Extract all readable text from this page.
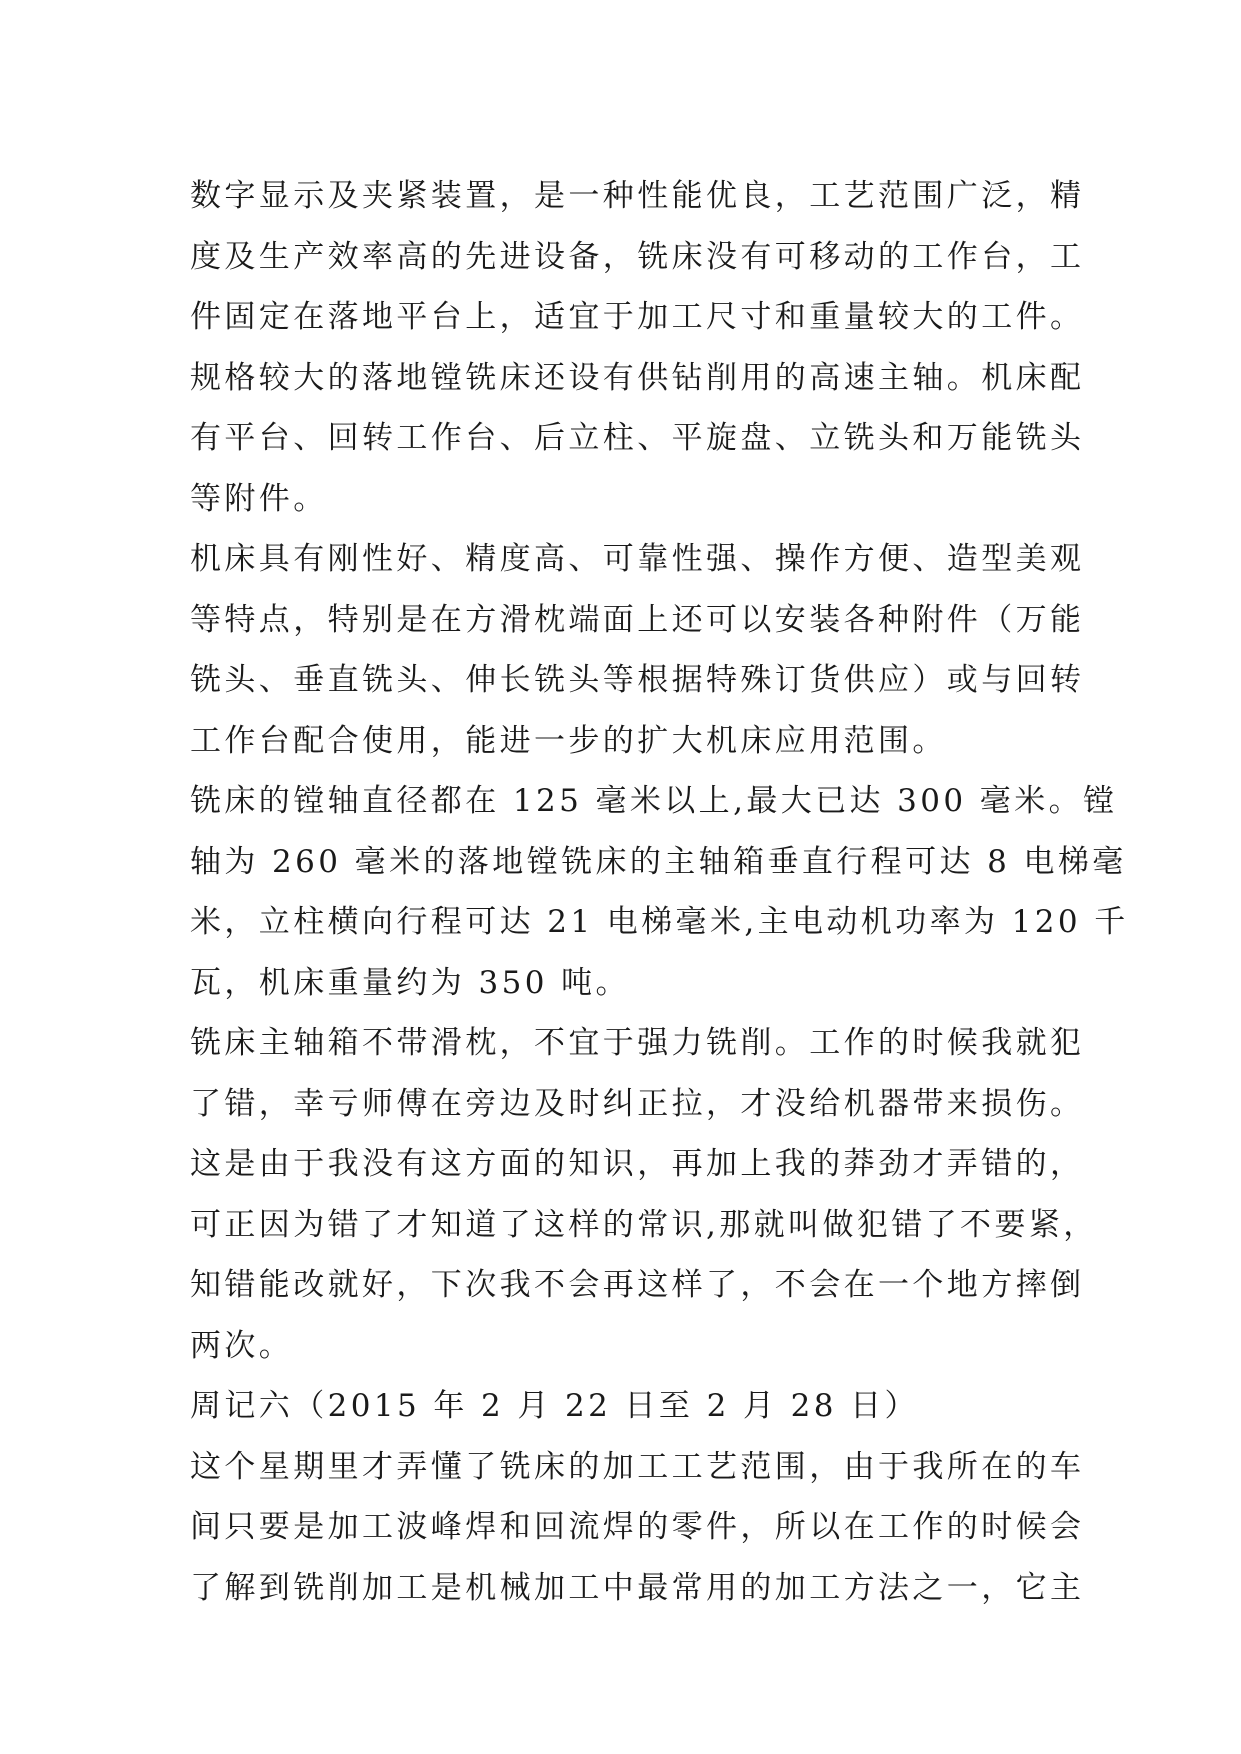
数字显示及夹紧装置，是一种性能优良，工艺范围广泛，精
度及生产效率高的先进设备，铣床没有可移动的工作台，工
件固定在落地平台上，适宜于加工尺寸和重量较大的工件。
规格较大的落地镗铣床还设有供钻削用的高速主轴。机床配
有平台、回转工作台、后立柱、平旋盘、立铣头和万能铣头
等附件。
机床具有刚性好、精度高、可靠性强、操作方便、造型美观
等特点，特别是在方滑枕端面上还可以安装各种附件（万能
铣头、垂直铣头、伸长铣头等根据特殊订货供应）或与回转
工作台配合使用，能进一步的扩大机床应用范围。
铣床的镗轴直径都在 125 毫米以上,最大已达 300 毫米。镗
轴为 260 毫米的落地镗铣床的主轴箱垂直行程可达 8 电梯毫
米，立柱横向行程可达 21 电梯毫米,主电动机功率为 120 千
瓦，机床重量约为 350 吨。
铣床主轴箱不带滑枕，不宜于强力铣削。工作的时候我就犯
了错，幸亏师傅在旁边及时纠正拉，才没给机器带来损伤。
这是由于我没有这方面的知识，再加上我的莽劲才弄错的，
可正因为错了才知道了这样的常识,那就叫做犯错了不要紧，
知错能改就好，下次我不会再这样了，不会在一个地方摔倒
两次。
周记六（2015 年 2 月 22 日至 2 月 28 日）
这个星期里才弄懂了铣床的加工工艺范围，由于我所在的车
间只要是加工波峰焊和回流焊的零件，所以在工作的时候会
了解到铣削加工是机械加工中最常用的加工方法之一，它主
